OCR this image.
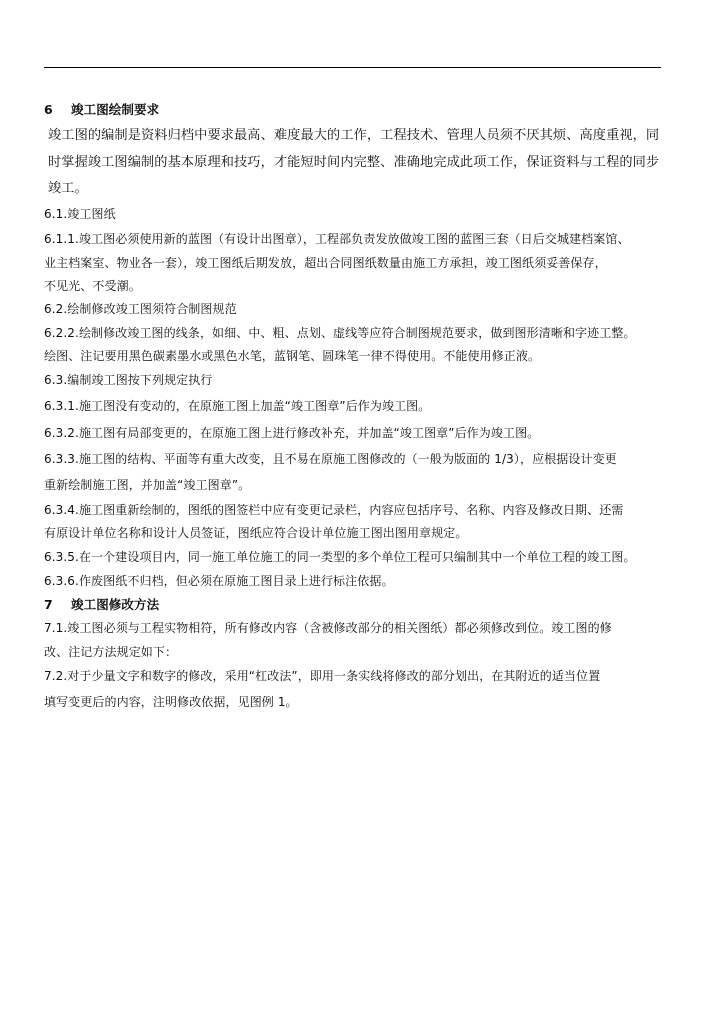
6 竣工图绘制要求
竣工图的编制是资料归档中要求最高、难度最大的工作，工程技术、管理人员须不厌其烦、高度重视，同
时掌握竣工图编制的基本原理和技巧，才能短时间内完整、准确地完成此项工作，保证资料与工程的同步
竣工。
6.1.竣工图纸
6.1.1.竣工图必须使用新的蓝图（有设计出图章），工程部负责发放做竣工图的蓝图三套（日后交城建档案馆、
业主档案室、物业各一套），竣工图纸后期发放，超出合同图纸数量由施工方承担，竣工图纸须妥善保存，
不见光、不受潮。
6.2.绘制修改竣工图须符合制图规范
6.2.2.绘制修改竣工图的线条，如细、中、粗、点划、虚线等应符合制图规范要求，做到图形清晰和字迹工整。
绘图、注记要用黑色碳素墨水或黑色水笔，蓝钢笔、圆珠笔一律不得使用。不能使用修正液。
6.3.编制竣工图按下列规定执行
6.3.1.施工图没有变动的，在原施工图上加盖“竣工图章”后作为竣工图。
6.3.2.施工图有局部变更的，在原施工图上进行修改补充，并加盖“竣工图章”后作为竣工图。
6.3.3.施工图的结构、平面等有重大改变，且不易在原施工图修改的（一般为版面的 1/3），应根据设计变更
重新绘制施工图，并加盖“竣工图章”。
6.3.4.施工图重新绘制的，图纸的图签栏中应有变更记录栏，内容应包括序号、名称、内容及修改日期、还需
有原设计单位名称和设计人员签证，图纸应符合设计单位施工图出图用章规定。
6.3.5.在一个建设项目内，同一施工单位施工的同一类型的多个单位工程可只编制其中一个单位工程的竣工图。
6.3.6.作废图纸不归档，但必须在原施工图目录上进行标注依据。
7 竣工图修改方法
7.1.竣工图必须与工程实物相符，所有修改内容（含被修改部分的相关图纸）都必须修改到位。竣工图的修
改、注记方法规定如下：
7.2.对于少量文字和数字的修改，采用“杠改法”，即用一条实线将修改的部分划出，在其附近的适当位置
填写变更后的内容，注明修改依据，见图例 1。
